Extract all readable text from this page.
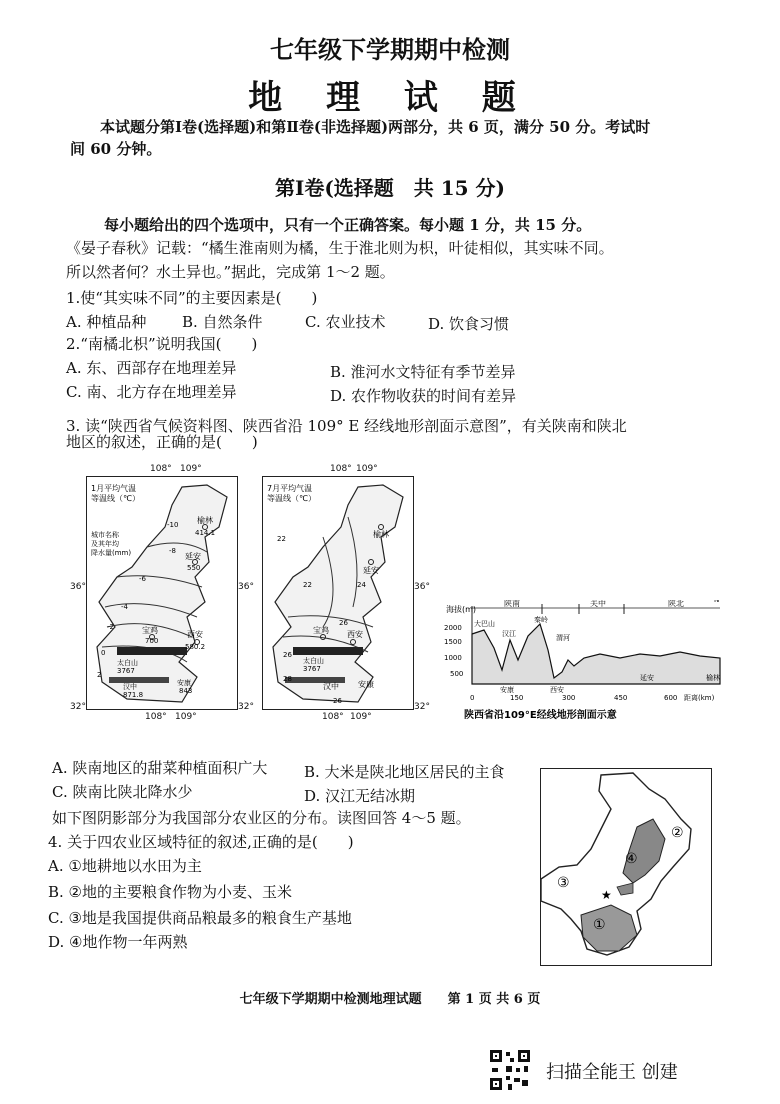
七年级下学期期中检测
地 理 试 题
本试题分第Ⅰ卷(选择题)和第Ⅱ卷(非选择题)两部分，共 6 页，满分 50 分。考试时
间 60 分钟。
第Ⅰ卷(选择题　共 15 分)
每小题给出的四个选项中，只有一个正确答案。每小题 1 分，共 15 分。
《晏子春秋》记载：“橘生淮南则为橘，生于淮北则为枳，叶徒相似，其实味不同。
所以然者何？水土异也。”据此，完成第 1～2 题。
1.使“其实味不同”的主要因素是(　　)
A. 种植品种 B. 自然条件	C. 农业技术	D. 饮食习惯
2.“南橘北枳”说明我国(　　)
A. 东、西部存在地理差异	B. 淮河水文特征有季节差异
C. 南、北方存在地理差异	D. 农作物收获的时间有差异
3. 读“陕西省气候资料图、陕西省沿 109° E 经线地形剖面示意图”，有关陕南和陕北
地区的叙述，正确的是(　　)
1月平均气温
等温线（℃）
城市名称
及其年均
降水量(mm)
榆林
414.1
延安
550
西安
580.2
宝鸡
700
太白山
3767
汉中
871.8
安康
843
-10
-8
-6
-4
-2
0
2
108° 109°
108° 109°
36°
32°
7月平均气温
等温线（℃）
榆林
延安
宝鸡 西安
太白山
3767
汉中 安康
22
22	24
26
26
28
26
108° 109°
108° 109°
36°	36°
32°	32°
海拔(m)
2000
1500
1000
500
陕南	关中	陕北	N
大巴山
汉江
秦岭
渭河
安康	西安
延安	榆林
0	150	300	450	600 距离(km)
陕西省沿109°E经线地形剖面示意
A. 陕南地区的甜菜种植面积广大 B. 大米是陕北地区居民的主食
C. 陕南比陕北降水少	D. 汉江无结冰期
如下图阴影部分为我国部分农业区的分布。读图回答 4～5 题。
4. 关于四农业区域特征的叙述,正确的是(　　)
A. ①地耕地以水田为主
B. ②地的主要粮食作物为小麦、玉米
C. ③地是我国提供商品粮最多的粮食生产基地
D. ④地作物一年两熟
②
④
③
①
★
七年级下学期期中检测地理试题　　第 1 页 共 6 页
扫描全能王 创建
